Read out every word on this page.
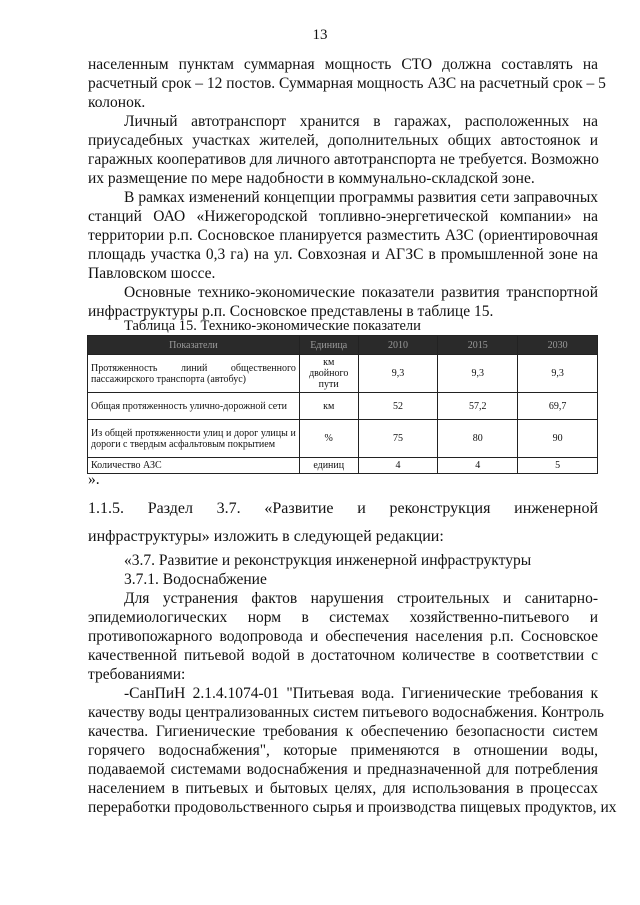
13
населенным пунктам суммарная мощность СТО должна составлять на
расчетный срок – 12 постов. Суммарная мощность АЗС на расчетный срок – 5
колонок.
Личный автотранспорт хранится в гаражах, расположенных на
приусадебных участках жителей, дополнительных общих автостоянок и
гаражных кооперативов для личного автотранспорта не требуется. Возможно
их размещение по мере надобности в коммунально-складской зоне.
В рамках изменений концепции программы развития сети заправочных
станций ОАО «Нижегородской топливно-энергетической компании» на
территории р.п. Сосновское планируется разместить АЗС (ориентировочная
площадь участка 0,3 га) на ул. Совхозная и АГЗС в промышленной зоне на
Павловском шоссе.
Основные технико-экономические показатели развития транспортной
инфраструктуры р.п. Сосновское представлены в таблице 15.
Таблица 15. Технико-экономические показатели
Показатели	Единица	2010	2015	2030
Протяженность линий общественного пассажирского транспорта (автобус)	км двойного пути	9,3	9,3	9,3
Общая протяженность улично-дорожной сети	км	52	57,2	69,7
Из общей протяженности улиц и дорог улицы и дороги с твердым асфальтовым покрытием	%	75	80	90
Количество АЗС	единиц	4	4	5
».
1.1.5. Раздел 3.7. «Развитие и реконструкция инженерной
инфраструктуры» изложить в следующей редакции:
«3.7. Развитие и реконструкция инженерной инфраструктуры
3.7.1. Водоснабжение
Для устранения фактов нарушения строительных и санитарно-
эпидемиологических норм в системах хозяйственно-питьевого и
противопожарного водопровода и обеспечения населения р.п. Сосновское
качественной питьевой водой в достаточном количестве в соответствии с
требованиями:
-СанПиН 2.1.4.1074-01 "Питьевая вода. Гигиенические требования к
качеству воды централизованных систем питьевого водоснабжения. Контроль
качества. Гигиенические требования к обеспечению безопасности систем
горячего водоснабжения", которые применяются в отношении воды,
подаваемой системами водоснабжения и предназначенной для потребления
населением в питьевых и бытовых целях, для использования в процессах
переработки продовольственного сырья и производства пищевых продуктов, их
